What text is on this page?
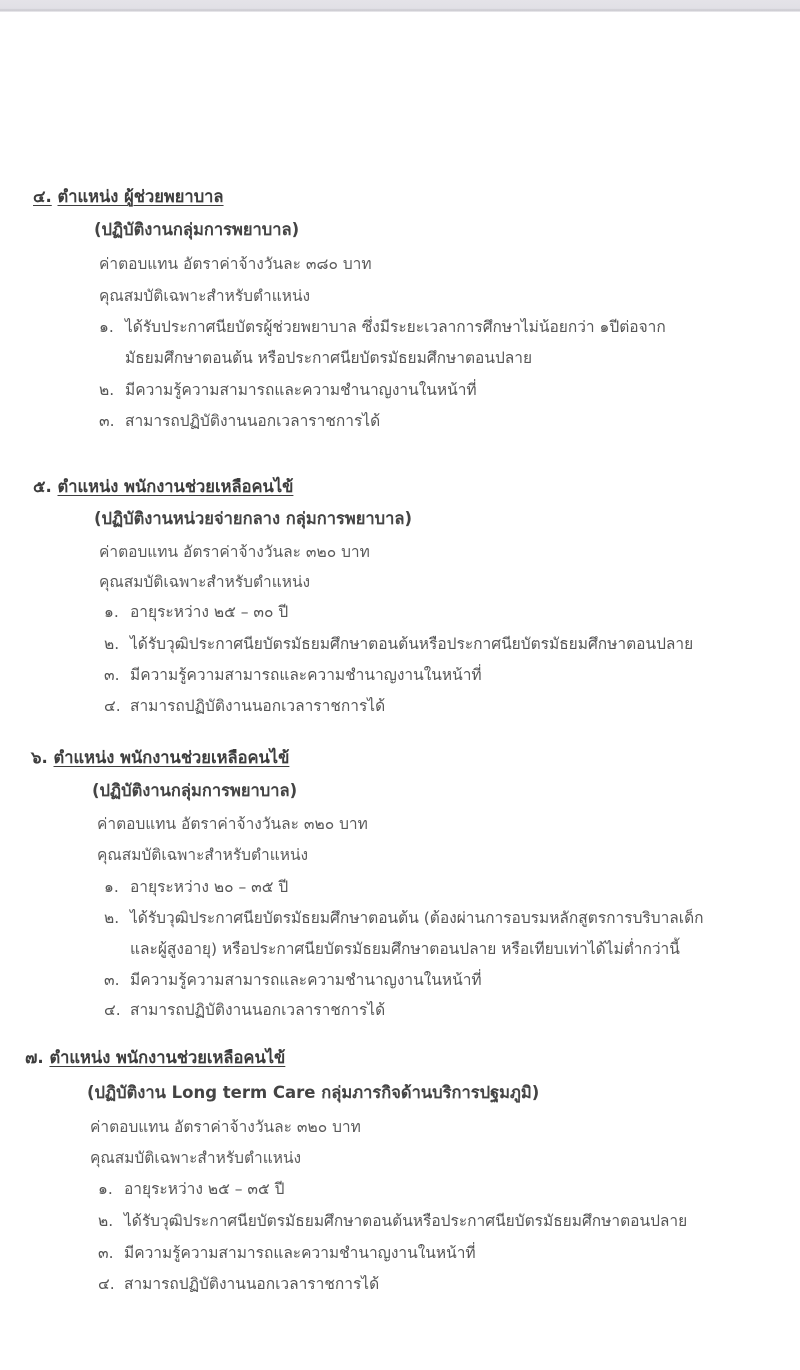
๔. ตำแหน่ง ผู้ช่วยพยาบาล
(ปฏิบัติงานกลุ่มการพยาบาล)
ค่าตอบแทน อัตราค่าจ้างวันละ ๓๘๐ บาท
คุณสมบัติเฉพาะสำหรับตำแหน่ง
๑. ได้รับประกาศนียบัตรผู้ช่วยพยาบาล ซึ่งมีระยะเวลาการศึกษาไม่น้อยกว่า ๑ปีต่อจาก
มัธยมศึกษาตอนต้น หรือประกาศนียบัตรมัธยมศึกษาตอนปลาย
๒. มีความรู้ความสามารถและความชำนาญงานในหน้าที่
๓. สามารถปฏิบัติงานนอกเวลาราชการได้
๕. ตำแหน่ง พนักงานช่วยเหลือคนไข้
(ปฏิบัติงานหน่วยจ่ายกลาง กลุ่มการพยาบาล)
ค่าตอบแทน อัตราค่าจ้างวันละ ๓๒๐ บาท
คุณสมบัติเฉพาะสำหรับตำแหน่ง
๑. อายุระหว่าง ๒๕ – ๓๐ ปี
๒. ได้รับวุฒิประกาศนียบัตรมัธยมศึกษาตอนต้นหรือประกาศนียบัตรมัธยมศึกษาตอนปลาย
๓. มีความรู้ความสามารถและความชำนาญงานในหน้าที่
๔. สามารถปฏิบัติงานนอกเวลาราชการได้
๖. ตำแหน่ง พนักงานช่วยเหลือคนไข้
(ปฏิบัติงานกลุ่มการพยาบาล)
ค่าตอบแทน อัตราค่าจ้างวันละ ๓๒๐ บาท
คุณสมบัติเฉพาะสำหรับตำแหน่ง
๑. อายุระหว่าง ๒๐ – ๓๕ ปี
๒. ได้รับวุฒิประกาศนียบัตรมัธยมศึกษาตอนต้น (ต้องผ่านการอบรมหลักสูตรการบริบาลเด็ก
และผู้สูงอายุ) หรือประกาศนียบัตรมัธยมศึกษาตอนปลาย หรือเทียบเท่าได้ไม่ต่ำกว่านี้
๓. มีความรู้ความสามารถและความชำนาญงานในหน้าที่
๔. สามารถปฏิบัติงานนอกเวลาราชการได้
๗. ตำแหน่ง พนักงานช่วยเหลือคนไข้
(ปฏิบัติงาน Long term Care กลุ่มภารกิจด้านบริการปฐมภูมิ)
ค่าตอบแทน อัตราค่าจ้างวันละ ๓๒๐ บาท
คุณสมบัติเฉพาะสำหรับตำแหน่ง
๑. อายุระหว่าง ๒๕ – ๓๕ ปี
๒. ได้รับวุฒิประกาศนียบัตรมัธยมศึกษาตอนต้นหรือประกาศนียบัตรมัธยมศึกษาตอนปลาย
๓. มีความรู้ความสามารถและความชำนาญงานในหน้าที่
๔. สามารถปฏิบัติงานนอกเวลาราชการได้
